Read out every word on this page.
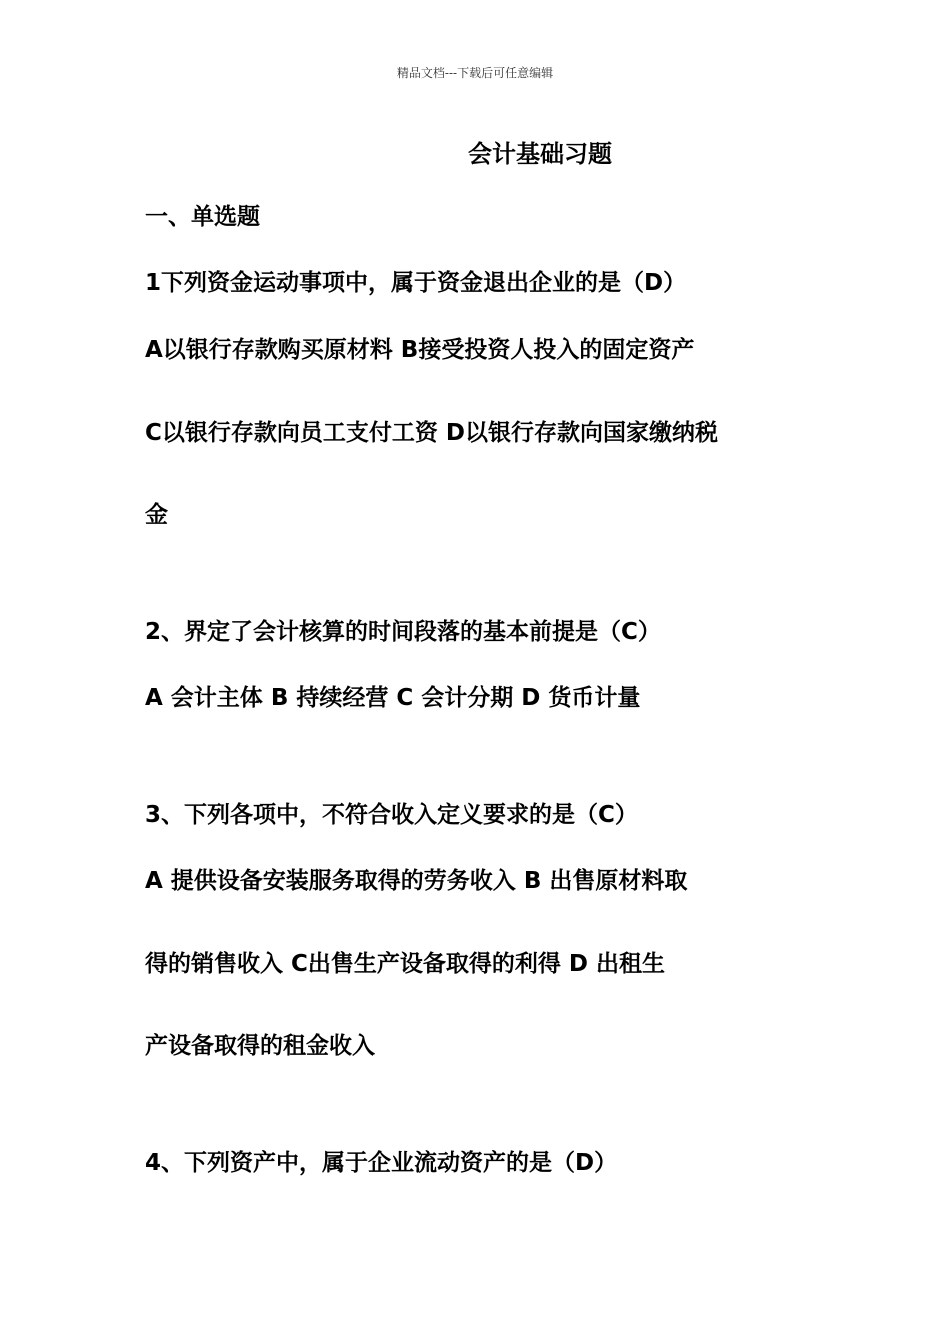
精品文档---下载后可任意编辑
会计基础习题
一、单选题
1下列资金运动事项中，属于资金退出企业的是（D）
A以银行存款购买原材料 B接受投资人投入的固定资产
C以银行存款向员工支付工资 D以银行存款向国家缴纳税
金
2、界定了会计核算的时间段落的基本前提是（C）
A 会计主体 B 持续经营 C 会计分期 D 货币计量
3、下列各项中，不符合收入定义要求的是（C）
A 提供设备安装服务取得的劳务收入 B 出售原材料取
得的销售收入 C出售生产设备取得的利得 D 出租生
产设备取得的租金收入
4、下列资产中，属于企业流动资产的是（D）
